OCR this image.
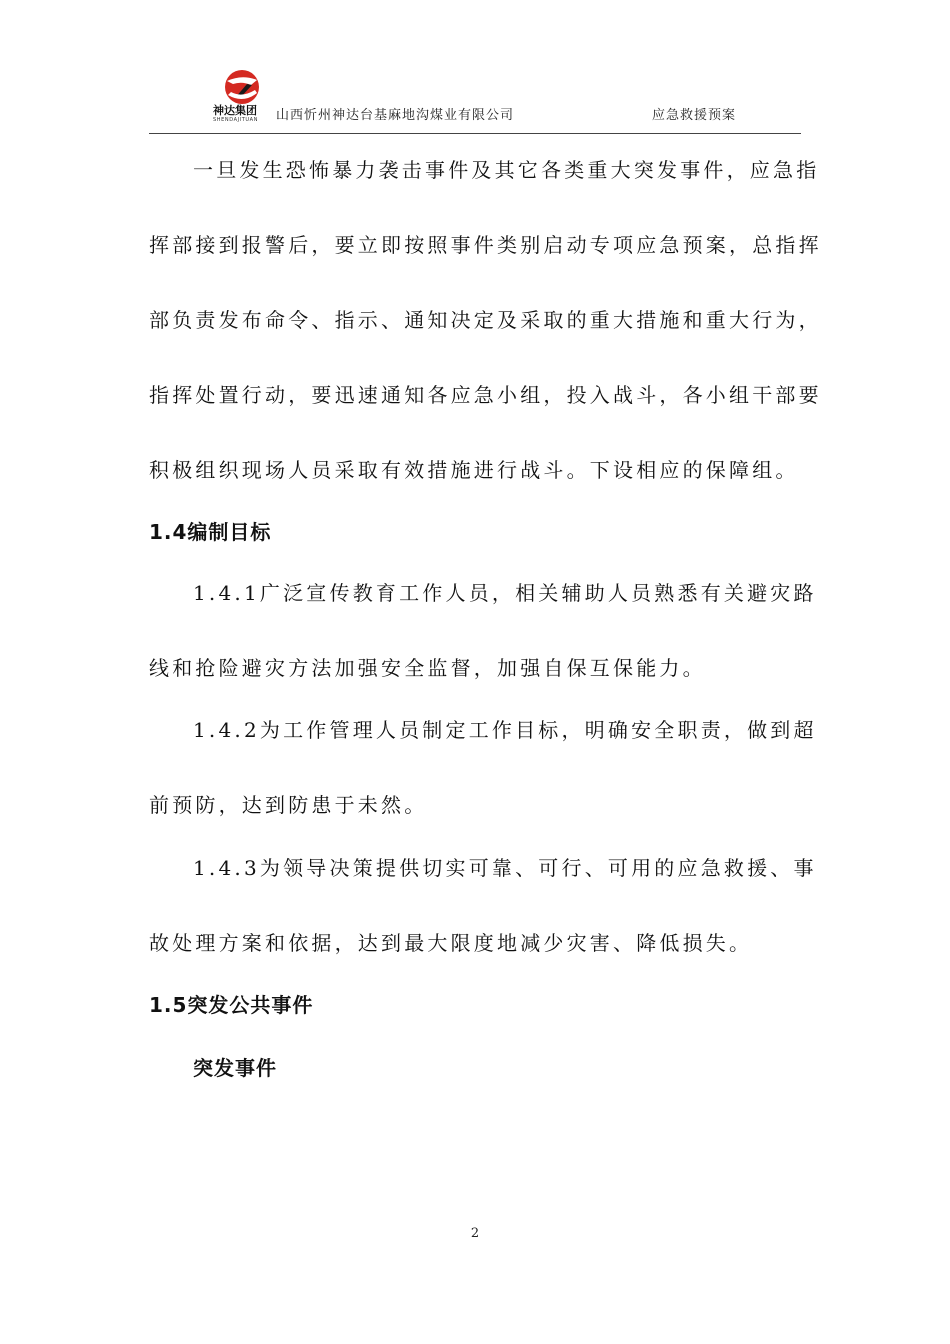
神达集团
SHENDAJITUAN	山西忻州神达台基麻地沟煤业有限公司	应急救援预案
一旦发生恐怖暴力袭击事件及其它各类重大突发事件，应急指
挥部接到报警后，要立即按照事件类别启动专项应急预案，总指挥
部负责发布命令、指示、通知决定及采取的重大措施和重大行为，
指挥处置行动，要迅速通知各应急小组，投入战斗，各小组干部要
积极组织现场人员采取有效措施进行战斗。下设相应的保障组。
1.4编制目标
1.4.1广泛宣传教育工作人员，相关辅助人员熟悉有关避灾路
线和抢险避灾方法加强安全监督，加强自保互保能力。
1.4.2为工作管理人员制定工作目标，明确安全职责，做到超
前预防，达到防患于未然。
1.4.3为领导决策提供切实可靠、可行、可用的应急救援、事
故处理方案和依据，达到最大限度地减少灾害、降低损失。
1.5突发公共事件
突发事件
2
